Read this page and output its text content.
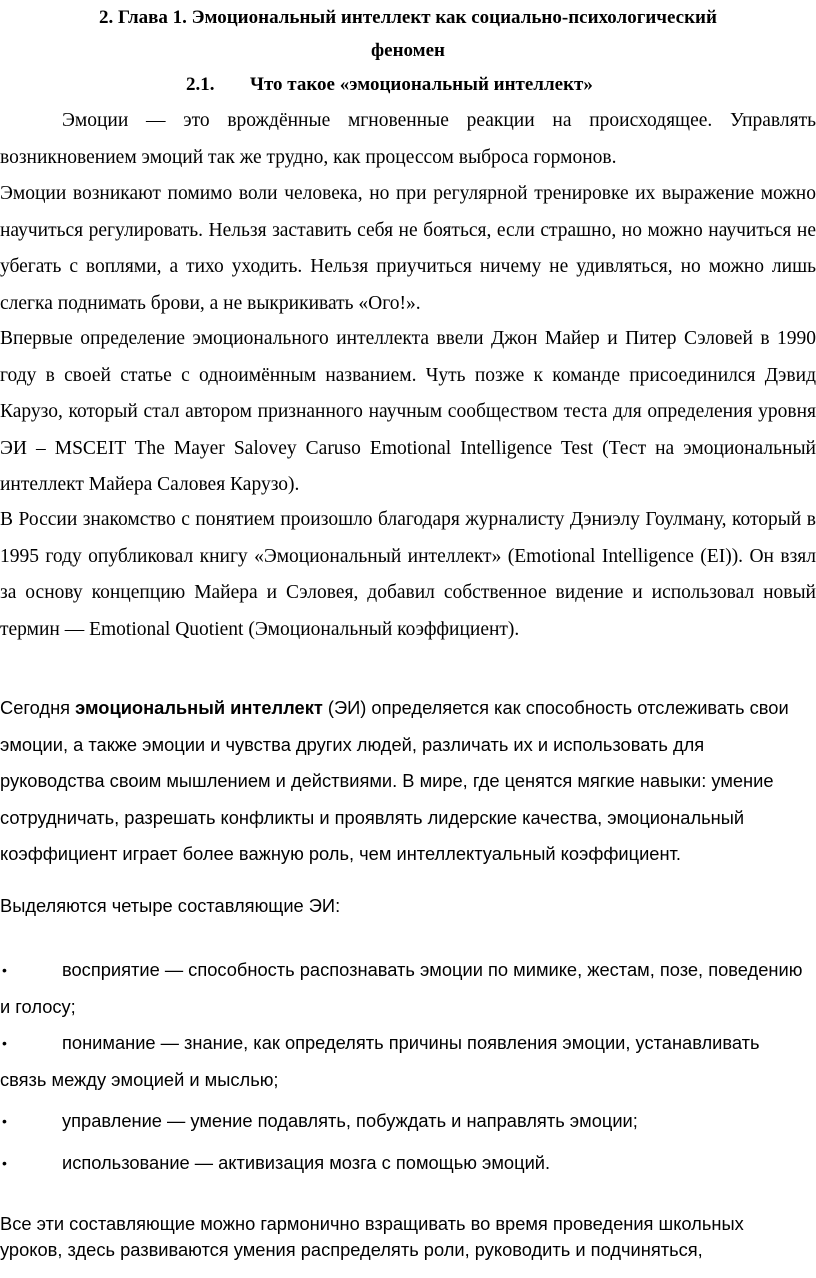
2. Глава 1. Эмоциональный интеллект как социально-психологический
феномен
2.1. Что такое «эмоциональный интеллект»
Эмоции — это врождённые мгновенные реакции на происходящее. Управлять возникновением эмоций так же трудно, как процессом выброса гормонов.
Эмоции возникают помимо воли человека, но при регулярной тренировке их выражение можно научиться регулировать. Нельзя заставить себя не бояться, если страшно, но можно научиться не убегать с воплями, а тихо уходить. Нельзя приучиться ничему не удивляться, но можно лишь слегка поднимать брови, а не выкрикивать «Ого!».
Впервые определение эмоционального интеллекта ввели Джон Майер и Питер Сэловей в 1990 году в своей статье с одноимённым названием. Чуть позже к команде присоединился Дэвид Карузо, который стал автором признанного научным сообществом теста для определения уровня ЭИ – MSCEIT The Mayer Salovey Caruso Emotional Intelligence Test (Тест на эмоциональный интеллект Майера Саловея Карузо).
В России знакомство с понятием произошло благодаря журналисту Дэниэлу Гоулману, который в 1995 году опубликовал книгу «Эмоциональный интеллект» (Emotional Intelligence (EI)). Он взял за основу концепцию Майера и Сэловея, добавил собственное видение и использовал новый термин — Emotional Quotient (Эмоциональный коэффициент).
Сегодня эмоциональный интеллект (ЭИ) определяется как способность отслеживать свои эмоции, а также эмоции и чувства других людей, различать их и использовать для руководства своим мышлением и действиями. В мире, где ценятся мягкие навыки: умение сотрудничать, разрешать конфликты и проявлять лидерские качества, эмоциональный коэффициент играет более важную роль, чем интеллектуальный коэффициент.
Выделяются четыре составляющие ЭИ:
•	восприятие — способность распознавать эмоции по мимике, жестам, позе, поведению и голосу;
•	понимание — знание, как определять причины появления эмоции, устанавливать связь между эмоцией и мыслью;
•	управление — умение подавлять, побуждать и направлять эмоции;
•	использование — активизация мозга с помощью эмоций.
Все эти составляющие можно гармонично взращивать во время проведения школьных уроков, здесь развиваются умения распределять роли, руководить и подчиняться,
